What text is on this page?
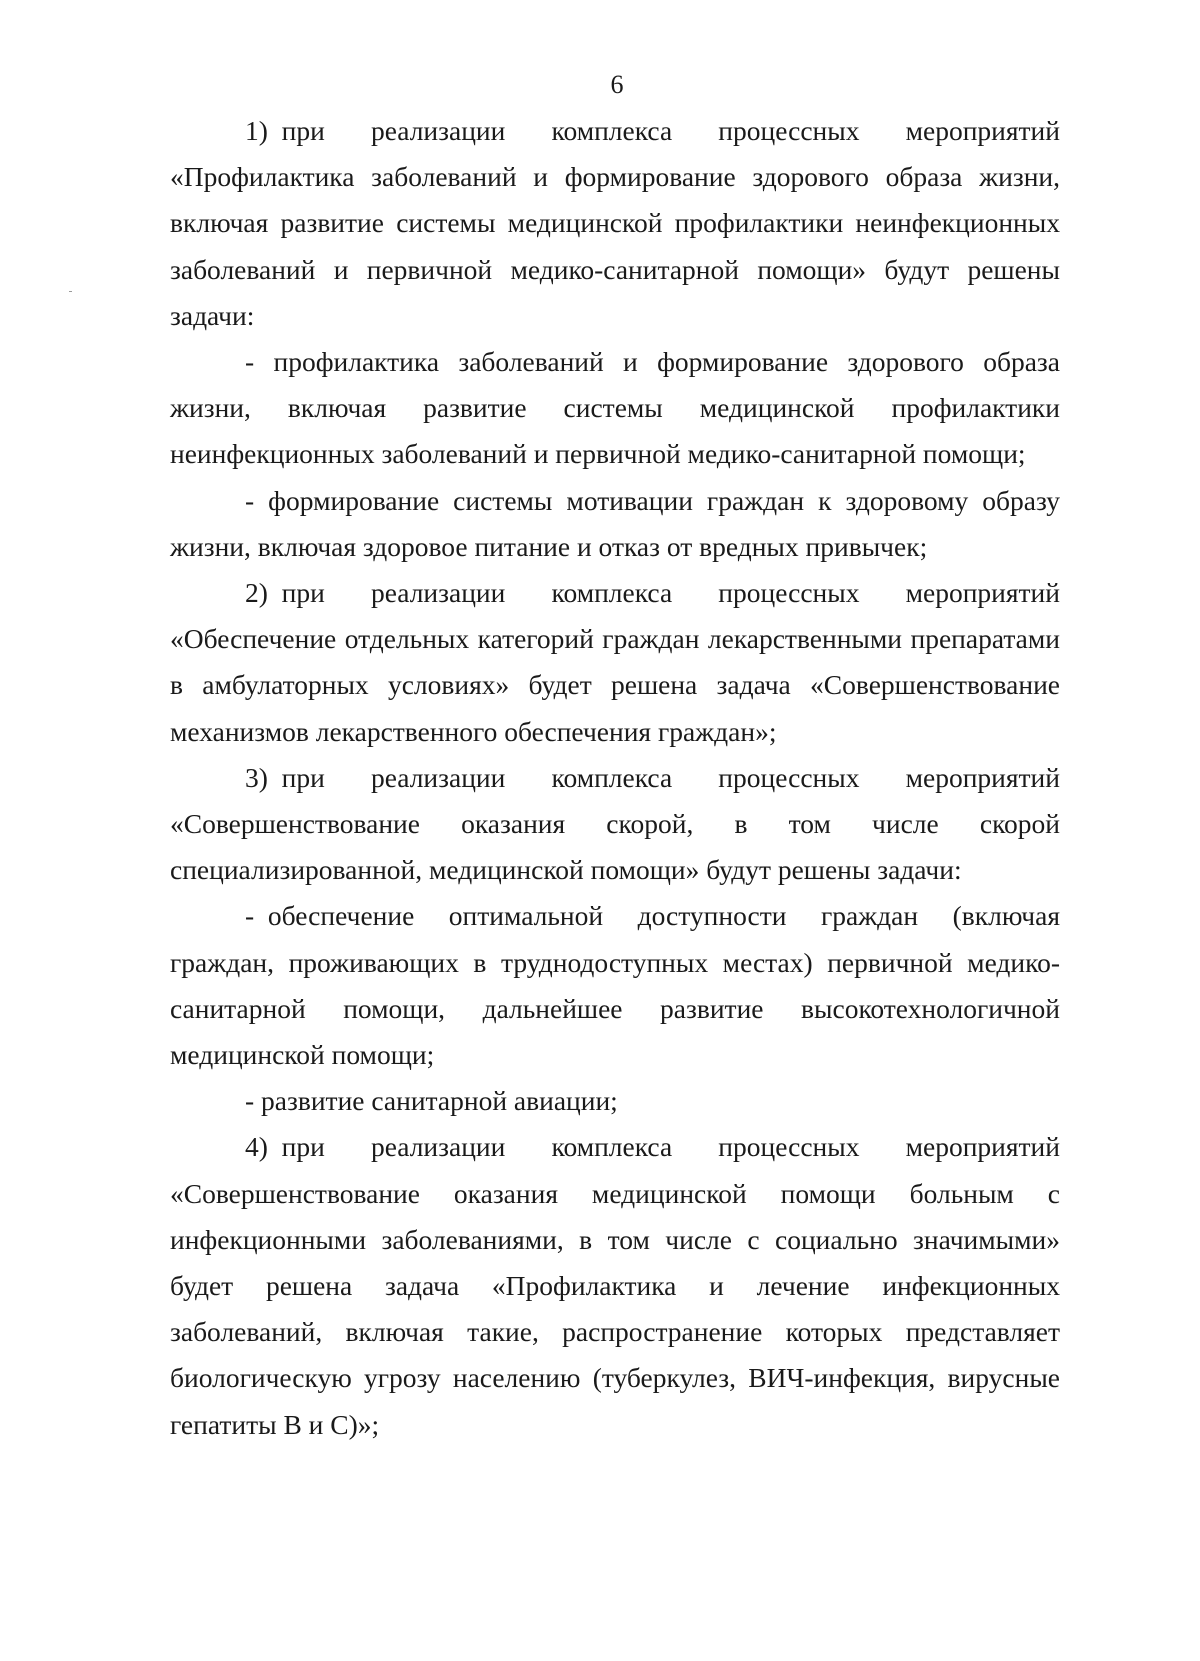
6

1) при реализации комплекса процессных мероприятий «Профилактика заболеваний и формирование здорового образа жизни, включая развитие системы медицинской профилактики неинфекционных заболеваний и первичной медико-санитарной помощи» будут решены задачи:

- профилактика заболеваний и формирование здорового образа жизни, включая развитие системы медицинской профилактики неинфекционных заболеваний и первичной медико-санитарной помощи;

- формирование системы мотивации граждан к здоровому образу жизни, включая здоровое питание и отказ от вредных привычек;

2) при реализации комплекса процессных мероприятий «Обеспечение отдельных категорий граждан лекарственными препаратами в амбулаторных условиях» будет решена задача «Совершенствование механизмов лекарственного обеспечения граждан»;

3) при реализации комплекса процессных мероприятий «Совершенствование оказания скорой, в том числе скорой специализированной, медицинской помощи» будут решены задачи:

- обеспечение оптимальной доступности граждан (включая граждан, проживающих в труднодоступных местах) первичной медико-санитарной помощи, дальнейшее развитие высокотехнологичной медицинской помощи;

- развитие санитарной авиации;

4) при реализации комплекса процессных мероприятий «Совершенствование оказания медицинской помощи больным с инфекционными заболеваниями, в том числе с социально значимыми» будет решена задача «Профилактика и лечение инфекционных заболеваний, включая такие, распространение которых представляет биологическую угрозу населению (туберкулез, ВИЧ-инфекция, вирусные гепатиты B и C)»;
